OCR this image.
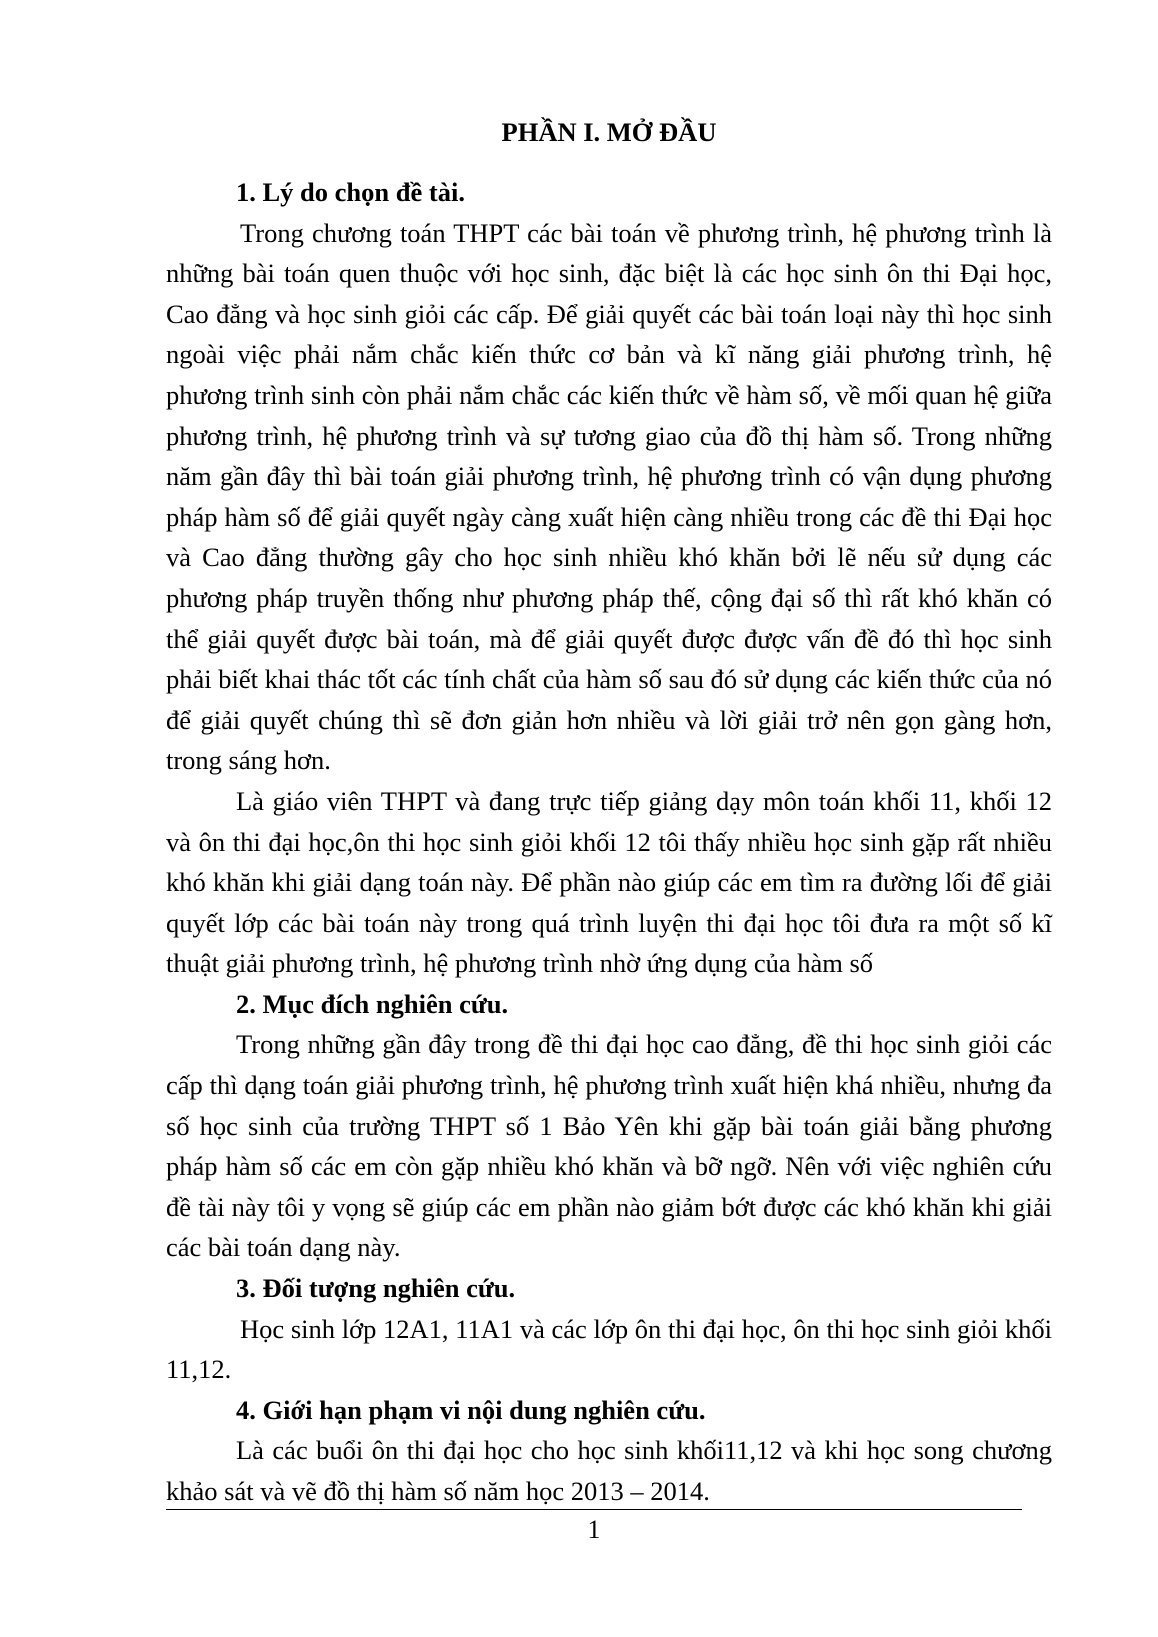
PHẦN I. MỞ ĐẦU
1. Lý do chọn đề tài.

Trong chương toán THPT các bài toán về phương trình, hệ phương trình là những bài toán quen thuộc với học sinh, đặc biệt là các học sinh ôn thi Đại học, Cao đẳng và học sinh giỏi các cấp. Để giải quyết các bài toán loại này thì học sinh ngoài việc phải nắm chắc kiến thức cơ bản và kĩ năng giải phương trình, hệ phương trình sinh còn phải nắm chắc các kiến thức về hàm số, về mối quan hệ giữa phương trình, hệ phương trình và sự tương giao của đồ thị hàm số. Trong những năm gần đây thì bài toán giải phương trình, hệ phương trình có vận dụng phương pháp hàm số để giải quyết ngày càng xuất hiện càng nhiều trong các đề thi Đại học và Cao đẳng thường gây cho học sinh nhiều khó khăn bởi lẽ nếu sử dụng các phương pháp truyền thống như phương pháp thế, cộng đại số thì rất khó khăn có thể giải quyết được bài toán, mà để giải quyết được được vấn đề đó thì học sinh phải biết khai thác tốt các tính chất của hàm số sau đó sử dụng các kiến thức của nó để giải quyết chúng thì sẽ đơn giản hơn nhiều và lời giải trở nên gọn gàng hơn, trong sáng hơn.

Là giáo viên THPT và đang trực tiếp giảng dạy môn toán khối 11, khối 12 và ôn thi đại học,ôn thi học sinh giỏi khối 12 tôi thấy nhiều học sinh gặp rất nhiều khó khăn khi giải dạng toán này. Để phần nào giúp các em tìm ra đường lối để giải quyết lớp các bài toán này trong quá trình luyện thi đại học tôi đưa ra một số kĩ thuật giải phương trình, hệ phương trình nhờ ứng dụng của hàm số

2. Mục đích nghiên cứu.

Trong những gần đây trong đề thi đại học cao đẳng, đề thi học sinh giỏi các cấp thì dạng toán giải phương trình, hệ phương trình xuất hiện khá nhiều, nhưng đa số học sinh của trường THPT số 1 Bảo Yên khi gặp bài toán giải bằng phương pháp hàm số các em còn gặp nhiều khó khăn và bỡ ngỡ. Nên với việc nghiên cứu đề tài này tôi y vọng sẽ giúp các em phần nào giảm bớt được các khó khăn khi giải các bài toán dạng này.

3. Đối tượng nghiên cứu.

Học sinh lớp 12A1, 11A1 và các lớp ôn thi đại học, ôn thi học sinh giỏi khối 11,12.

4. Giới hạn phạm vi nội dung nghiên cứu.

Là các buổi ôn thi đại học cho học sinh khối11,12 và khi học song chương khảo sát và vẽ đồ thị hàm số năm học 2013 – 2014.

1
